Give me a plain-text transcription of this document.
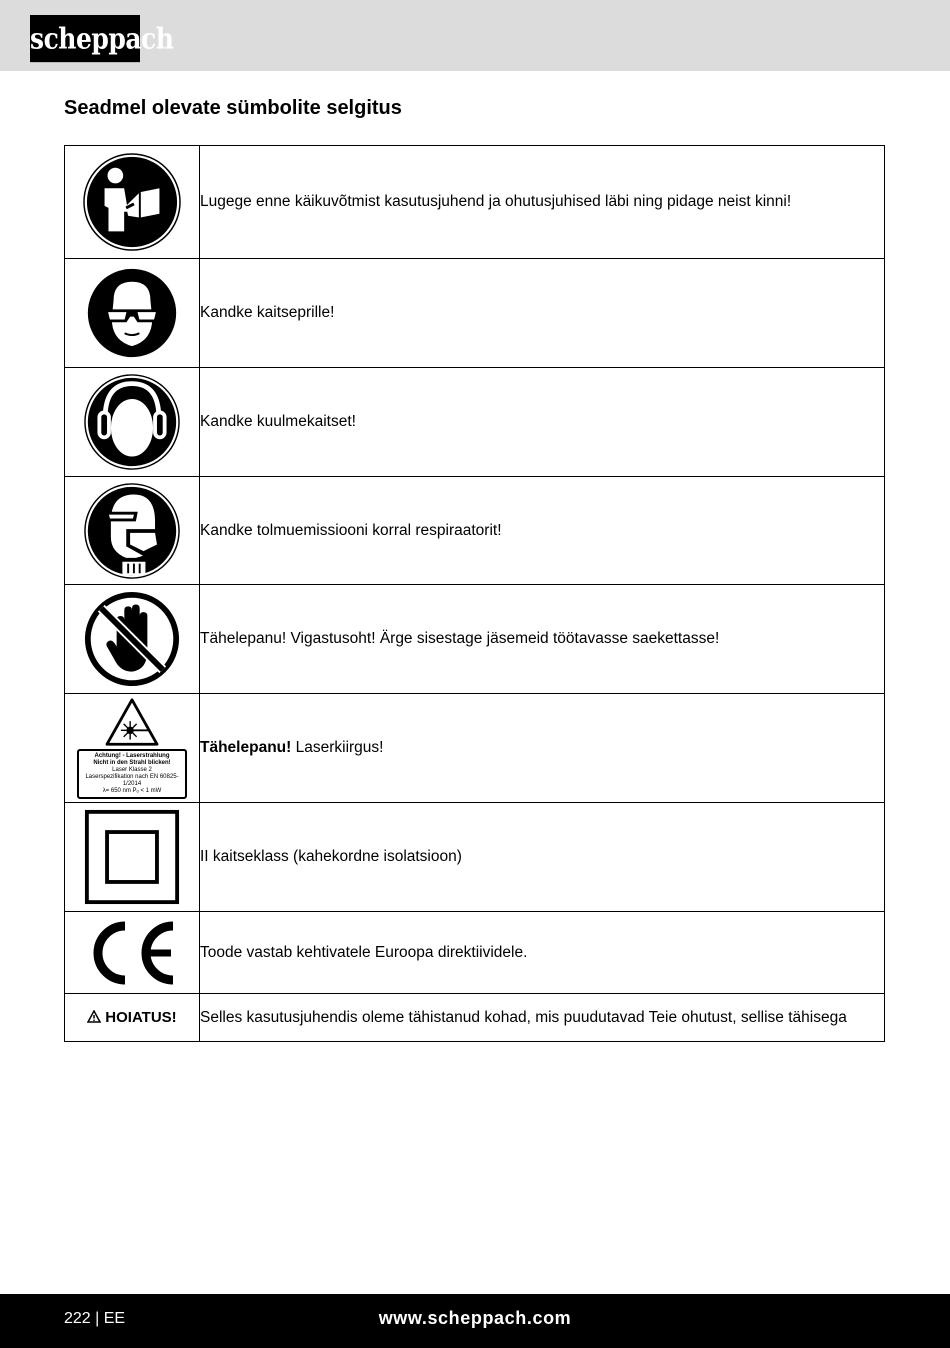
scheppach
Seadmel olevate sümbolite selgitus
	Lugege enne käikuvõtmist kasutusjuhend ja ohutusjuhised läbi ning pidage neist kinni!

	Kandke kaitseprille!

	Kandke kuulmekaitset!

	Kandke tolmuemissiooni korral respiraatorit!

	Tähelepanu! Vigastusoht! Ärge sisestage jäsemeid töötavasse saekettasse!

Achtung! - Laserstrahlung
Nicht in den Strahl blicken!
Laser Klasse 2
Laserspezifikation nach EN 60825-1/2014
λ= 650 nm Pₒ < 1 mW	Tähelepanu! Laserkiirgus!

	II kaitseklass (kahekordne isolatsioon)

	Toode vastab kehtivatele Euroopa direktiividele.
HOIATUS!	Selles kasutusjuhendis oleme tähistanud kohad, mis puudutavad Teie ohutust, sellise tähisega
222 | EE	www.scheppach.com
